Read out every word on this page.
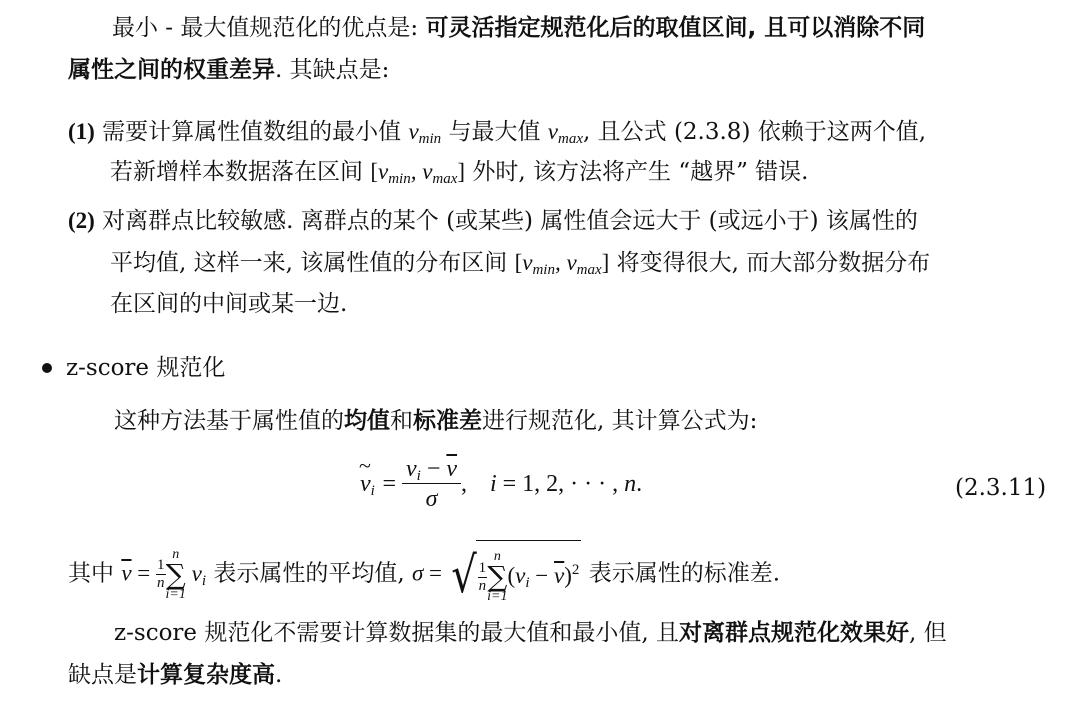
最小 - 最大值规范化的优点是: 可灵活指定规范化后的取值区间, 且可以消除不同
属性之间的权重差异. 其缺点是:
(1) 需要计算属性值数组的最小值 $v_{min}$ 与最大值 $v_{max}$, 且公式 (2.3.8) 依赖于这两个值,
若新增样本数据落在区间 [$v_{min}$, $v_{max}$] 外时, 该方法将产生 “越界” 错误.
(2) 对离群点比较敏感. 离群点的某个 (或某些) 属性值会远大于 (或远小于) 该属性的
平均值, 这样一来, 该属性值的分布区间 [$v_{min}$, $v_{max}$] 将变得很大, 而大部分数据分布
在区间的中间或某一边.
z-score 规范化
这种方法基于属性值的均值和标准差进行规范化, 其计算公式为:
~ $v_i = \frac{v_i - \overline{v}}{\sigma}$ , i = 1, 2, · · · , n.	(2.3.11)
其中 $\overline{v} = \frac{1}{n}$
n
∑
i=1
$v_i$ 表示属性的平均值, σ = √ $\frac{1}{n}$
n
∑
i=1
$(v_i - \overline{v})^2$ 表示属性的标准差.
z-score 规范化不需要计算数据集的最大值和最小值, 且对离群点规范化效果好, 但
缺点是计算复杂度高.
